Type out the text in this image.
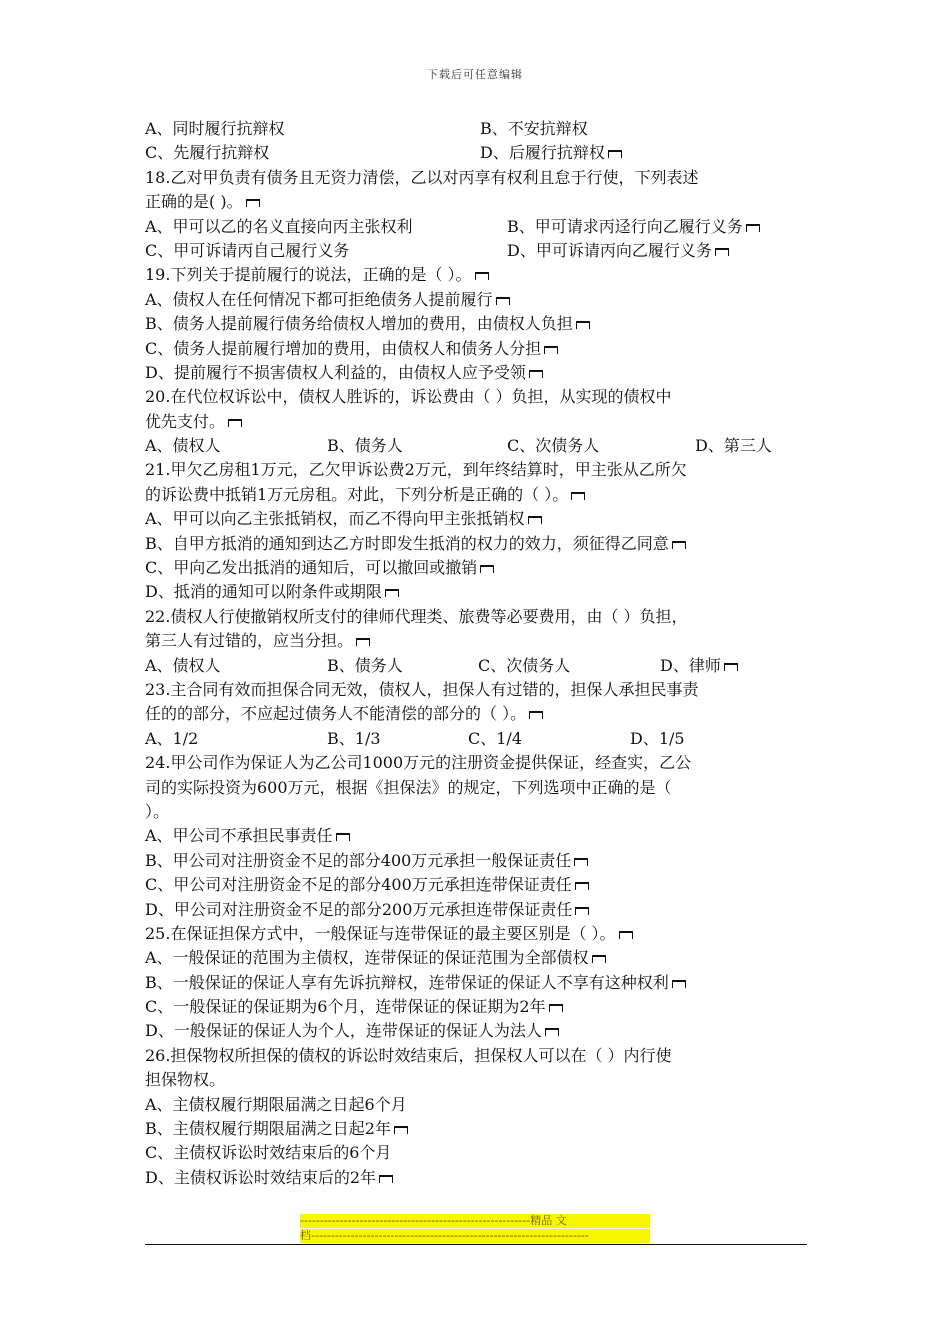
下载后可任意编辑
A、同时履行抗辩权	B、不安抗辩权
C、先履行抗辩权	D、后履行抗辩权
18.乙对甲负责有债务且无资力清偿，乙以对丙享有权利且怠于行使，下列表述
正确的是( )。
A、甲可以乙的名义直接向丙主张权利	B、甲可请求丙迳行向乙履行义务
C、甲可诉请丙自己履行义务	D、甲可诉请丙向乙履行义务
19.下列关于提前履行的说法，正确的是（ ）。
A、债权人在任何情况下都可拒绝债务人提前履行
B、债务人提前履行债务给债权人增加的费用，由债权人负担
C、债务人提前履行增加的费用，由债权人和债务人分担
D、提前履行不损害债权人利益的，由债权人应予受领
20.在代位权诉讼中，债权人胜诉的，诉讼费由（ ）负担，从实现的债权中
优先支付。
A、债权人	B、债务人	C、次债务人	D、第三人
21.甲欠乙房租1万元，乙欠甲诉讼费2万元，到年终结算时，甲主张从乙所欠
的诉讼费中抵销1万元房租。对此，下列分析是正确的（ ）。
A、甲可以向乙主张抵销权，而乙不得向甲主张抵销权
B、自甲方抵消的通知到达乙方时即发生抵消的权力的效力，须征得乙同意
C、甲向乙发出抵消的通知后，可以撤回或撤销
D、抵消的通知可以附条件或期限
22.债权人行使撤销权所支付的律师代理类、旅费等必要费用，由（ ）负担，
第三人有过错的，应当分担。
A、债权人	B、债务人	C、次债务人	D、律师
23.主合同有效而担保合同无效，债权人，担保人有过错的，担保人承担民事责
任的的部分，不应起过债务人不能清偿的部分的（ ）。
A、1/2	B、1/3	C、1/4	D、1/5
24.甲公司作为保证人为乙公司1000万元的注册资金提供保证，经查实，乙公
司的实际投资为600万元，根据《担保法》的规定，下列选项中正确的是（
）。
A、甲公司不承担民事责任
B、甲公司对注册资金不足的部分400万元承担一般保证责任
C、甲公司对注册资金不足的部分400万元承担连带保证责任
D、甲公司对注册资金不足的部分200万元承担连带保证责任
25.在保证担保方式中，一般保证与连带保证的最主要区别是（ ）。
A、一般保证的范围为主债权，连带保证的保证范围为全部债权
B、一般保证的保证人享有先诉抗辩权，连带保证的保证人不享有这种权利
C、一般保证的保证期为6个月，连带保证的保证期为2年
D、一般保证的保证人为个人，连带保证的保证人为法人
26.担保物权所担保的债权的诉讼时效结束后，担保权人可以在（ ）内行使
担保物权。
A、主债权履行期限届满之日起6个月
B、主债权履行期限届满之日起2年
C、主债权诉讼时效结束后的6个月
D、主债权诉讼时效结束后的2年
----------------------------------------------------------精品 文
档----------------------------------------------------------------------
